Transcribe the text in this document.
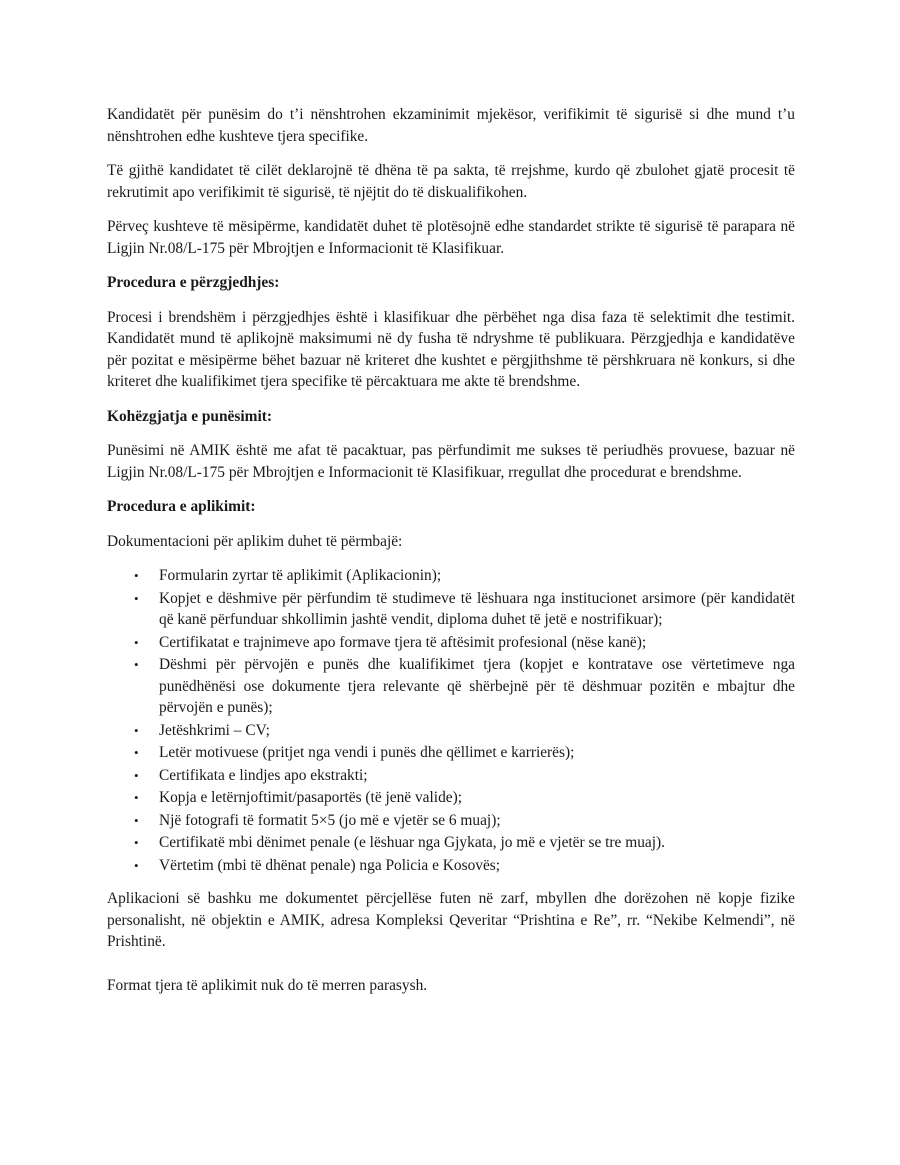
Kandidatët për punësim do t’i nënshtrohen ekzaminimit mjekësor, verifikimit të sigurisë si dhe mund t’u nënshtrohen edhe kushteve tjera specifike.

Të gjithë kandidatet të cilët deklarojnë të dhëna të pa sakta, të rrejshme, kurdo që zbulohet gjatë procesit të rekrutimit apo verifikimit të sigurisë, të njëjtit do të diskualifikohen.

Përveç kushteve të mësipërme, kandidatët duhet të plotësojnë edhe standardet strikte të sigurisë të parapara në Ligjin Nr.08/L-175 për Mbrojtjen e Informacionit të Klasifikuar.

Procedura e përzgjedhjes:

Procesi i brendshëm i përzgjedhjes është i klasifikuar dhe përbëhet nga disa faza të selektimit dhe testimit. Kandidatët mund të aplikojnë maksimumi në dy fusha të ndryshme të publikuara. Përzgjedhja e kandidatëve për pozitat e mësipërme bëhet bazuar në kriteret dhe kushtet e përgjithshme të përshkruara në konkurs, si dhe kriteret dhe kualifikimet tjera specifike të përcaktuara me akte të brendshme.

Kohëzgjatja e punësimit:

Punësimi në AMIK është me afat të pacaktuar, pas përfundimit me sukses të periudhës provuese, bazuar në Ligjin Nr.08/L-175 për Mbrojtjen e Informacionit të Klasifikuar, rregullat dhe procedurat e brendshme.

Procedura e aplikimit:

Dokumentacioni për aplikim duhet të përmbajë:

• Formularin zyrtar të aplikimit (Aplikacionin);
• Kopjet e dëshmive për përfundim të studimeve të lëshuara nga institucionet arsimore (për kandidatët që kanë përfunduar shkollimin jashtë vendit, diploma duhet të jetë e nostrifikuar);
• Certifikatat e trajnimeve apo formave tjera të aftësimit profesional (nëse kanë);
• Dëshmi për përvojën e punës dhe kualifikimet tjera (kopjet e kontratave ose vërtetimeve nga punëdhënësi ose dokumente tjera relevante që shërbejnë për të dëshmuar pozitën e mbajtur dhe përvojën e punës);
• Jetëshkrimi – CV;
• Letër motivuese (pritjet nga vendi i punës dhe qëllimet e karrierës);
• Certifikata e lindjes apo ekstrakti;
• Kopja e letërnjoftimit/pasaportës (të jenë valide);
• Një fotografi të formatit 5×5 (jo më e vjetër se 6 muaj);
• Certifikatë mbi dënimet penale (e lëshuar nga Gjykata, jo më e vjetër se tre muaj).
• Vërtetim (mbi të dhënat penale) nga Policia e Kosovës;

Aplikacioni së bashku me dokumentet përcjellëse futen në zarf, mbyllen dhe dorëzohen në kopje fizike personalisht, në objektin e AMIK, adresa Kompleksi Qeveritar “Prishtina e Re”, rr. “Nekibe Kelmendi”, në Prishtinë.

Format tjera të aplikimit nuk do të merren parasysh.
